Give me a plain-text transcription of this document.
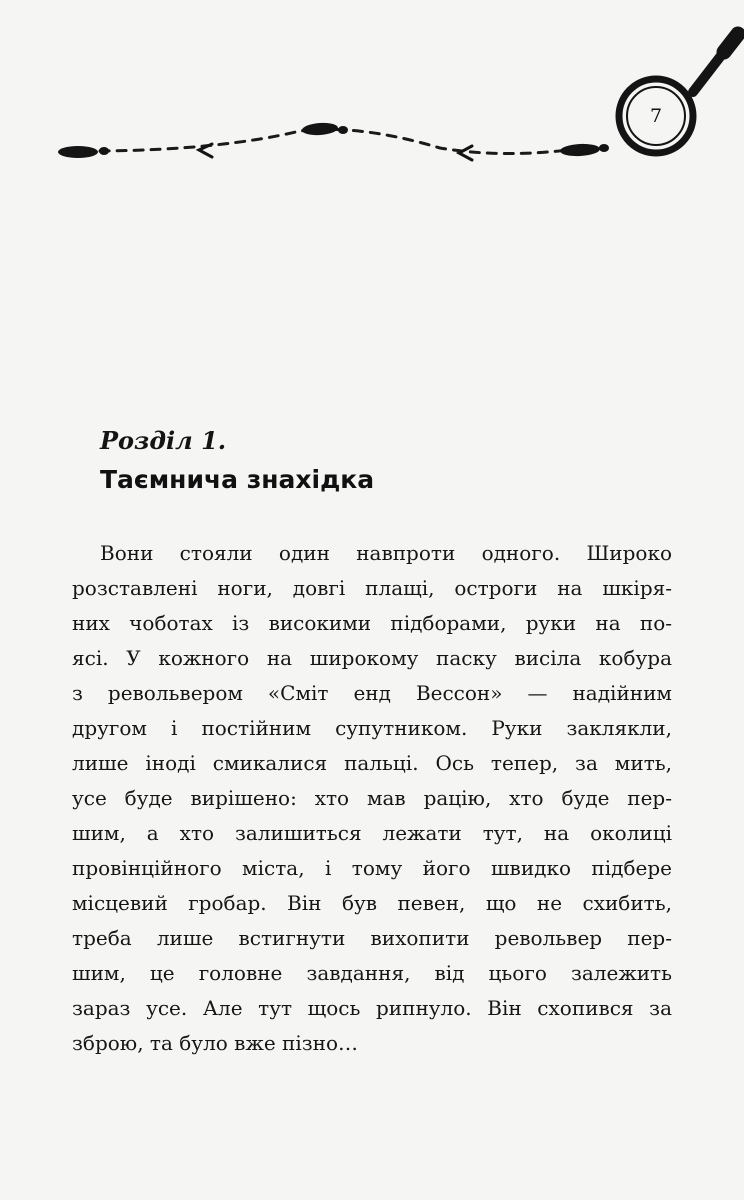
7
Розділ 1.
Таємнича знахідка
Вони стояли один навпроти одного. Широко
розставлені ноги, довгі плащі, остроги на шкіря-
них чоботах із високими підборами, руки на по-
ясі. У кожного на широкому паску висіла кобура
з револьвером «Сміт енд Вессон» — надійним
другом і постійним супутником. Руки заклякли,
лише іноді смикалися пальці. Ось тепер, за мить,
усе буде вирішено: хто мав рацію, хто буде пер-
шим, а хто залишиться лежати тут, на околиці
провінційного міста, і тому його швидко підбере
місцевий гробар. Він був певен, що не схибить,
треба лише встигнути вихопити револьвер пер-
шим, це головне завдання, від цього залежить
зараз усе. Але тут щось рипнуло. Він схопився за
зброю, та було вже пізно…
